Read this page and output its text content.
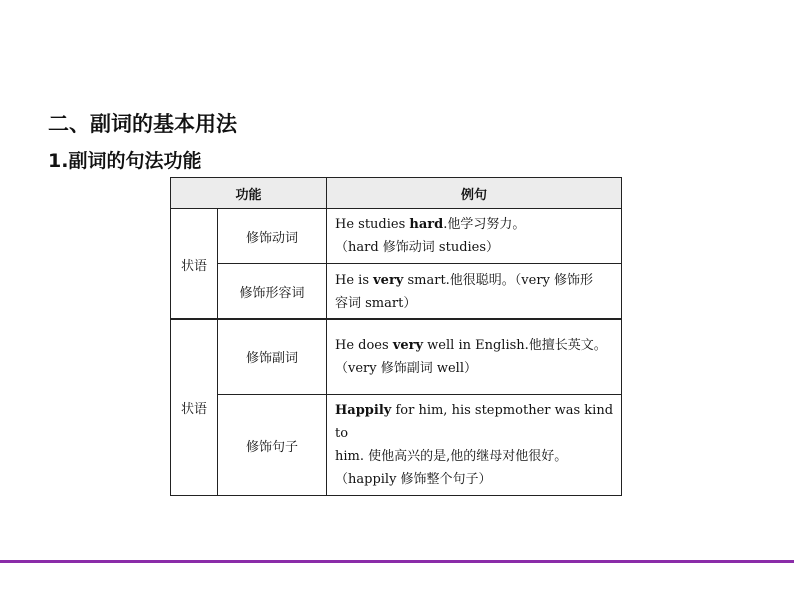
二、副词的基本用法
1.副词的句法功能
功能		例句
状语	修饰动词	He studies hard.他学习努力。
（hard 修饰动词 studies）
	修饰形容词	He is very smart.他很聪明。（very 修饰形
容词 smart）
状语	修饰副词	He does very well in English.他擅长英文。
（very 修饰副词 well）
	修饰句子	Happily for him, his stepmother was kind to
him. 使他高兴的是,他的继母对他很好。
（happily 修饰整个句子）
